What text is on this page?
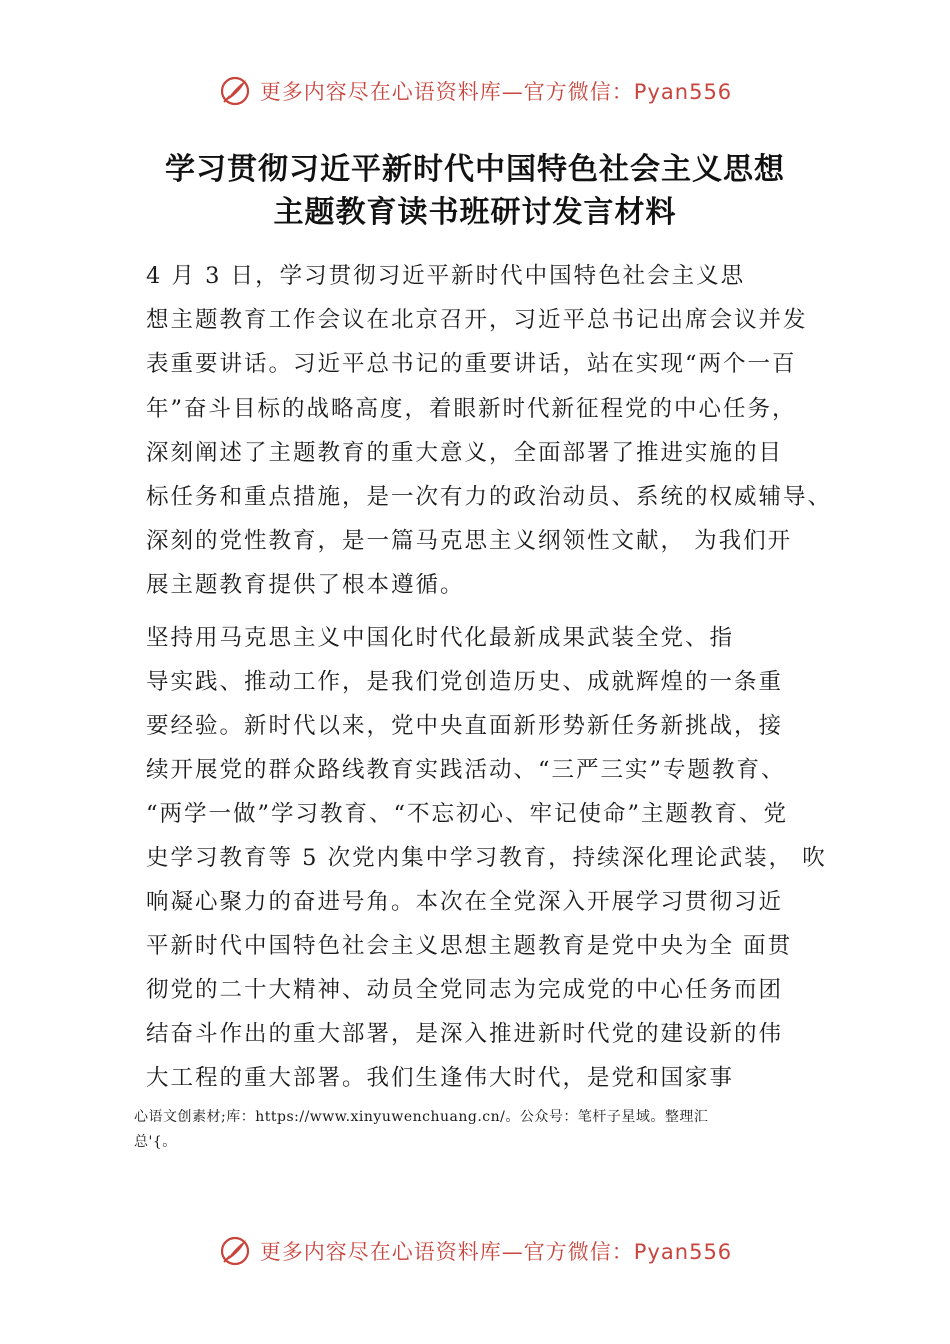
更多内容尽在心语资料库—官方微信：Pyan556
学习贯彻习近平新时代中国特色社会主义思想
主题教育读书班研讨发言材料
4 月 3 日，学习贯彻习近平新时代中国特色社会主义思
想主题教育工作会议在北京召开，习近平总书记出席会议并发
表重要讲话。习近平总书记的重要讲话，站在实现“两个一百
年”奋斗目标的战略高度，着眼新时代新征程党的中心任务，
深刻阐述了主题教育的重大意义，全面部署了推进实施的目
标任务和重点措施，是一次有力的政治动员、系统的权威辅导、
深刻的党性教育，是一篇马克思主义纲领性文献， 为我们开
展主题教育提供了根本遵循。
坚持用马克思主义中国化时代化最新成果武装全党、指
导实践、推动工作，是我们党创造历史、成就辉煌的一条重
要经验。新时代以来，党中央直面新形势新任务新挑战，接
续开展党的群众路线教育实践活动、“三严三实”专题教育、
“两学一做”学习教育、“不忘初心、牢记使命”主题教育、党
史学习教育等 5 次党内集中学习教育，持续深化理论武装， 吹
响凝心聚力的奋进号角。本次在全党深入开展学习贯彻习近
平新时代中国特色社会主义思想主题教育是党中央为全 面贯
彻党的二十大精神、动员全党同志为完成党的中心任务而团
结奋斗作出的重大部署，是深入推进新时代党的建设新的伟
大工程的重大部署。我们生逢伟大时代，是党和国家事
心语文创素材;库：https://www.xinyuwenchuang.cn/。公众号：笔杆子星域。整理汇
总'{。
更多内容尽在心语资料库—官方微信：Pyan556
